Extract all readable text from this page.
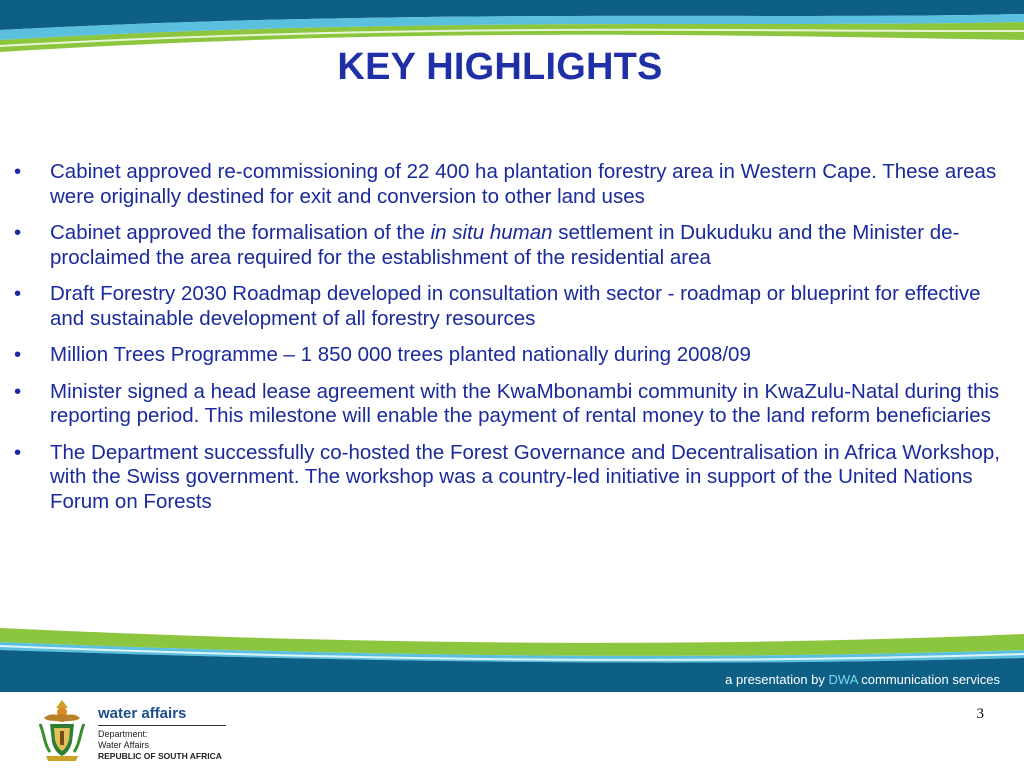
KEY HIGHLIGHTS
• Cabinet approved re-commissioning of 22 400 ha plantation forestry area in Western Cape. These areas were originally destined for exit and conversion to other land uses
• Cabinet approved the formalisation of the in situ human settlement in Dukuduku and the Minister de-proclaimed the area required for the establishment of the residential area
• Draft Forestry 2030 Roadmap developed in consultation with sector - roadmap or blueprint for effective and sustainable development of all forestry resources
• Million Trees Programme – 1 850 000 trees planted nationally during 2008/09
• Minister signed a head lease agreement with the KwaMbonambi community in KwaZulu-Natal during this reporting period. This milestone will enable the payment of rental money to the land reform beneficiaries
• The Department successfully co-hosted the Forest Governance and Decentralisation in Africa Workshop, with the Swiss government. The workshop was a country-led initiative in support of the United Nations Forum on Forests
a presentation by DWA communication services
water affairs
Department:
Water Affairs
REPUBLIC OF SOUTH AFRICA
3
